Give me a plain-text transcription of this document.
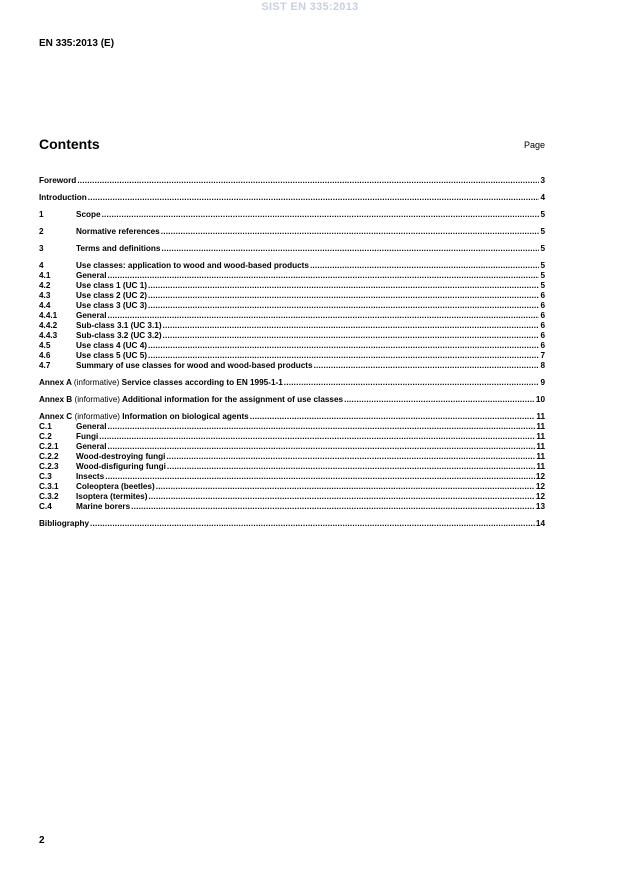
SIST EN 335:2013
EN 335:2013 (E)
Contents	Page
Foreword .....	3
Introduction .....	4
1	Scope .....	5
2	Normative references .....	5
3	Terms and definitions .....	5
4	Use classes: application to wood and wood-based products .....	5
4.1	General .....	5
4.2	Use class 1 (UC 1) .....	5
4.3	Use class 2 (UC 2) .....	6
4.4	Use class 3 (UC 3) .....	6
4.4.1	General .....	6
4.4.2	Sub-class 3.1 (UC 3.1) .....	6
4.4.3	Sub-class 3.2 (UC 3.2) .....	6
4.5	Use class 4 (UC 4) .....	6
4.6	Use class 5 (UC 5) .....	7
4.7	Summary of use classes for wood and wood-based products .....	8
Annex A (informative) Service classes according to EN 1995-1-1 .....	9
Annex B (informative) Additional information for the assignment of use classes .....	10
Annex C (informative) Information on biological agents .....	11
C.1	General .....	11
C.2	Fungi .....	11
C.2.1	General .....	11
C.2.2	Wood-destroying fungi .....	11
C.2.3	Wood-disfiguring fungi .....	11
C.3	Insects .....	12
C.3.1	Coleoptera (beetles) .....	12
C.3.2	Isoptera (termites) .....	12
C.4	Marine borers .....	13
Bibliography .....	14
2
